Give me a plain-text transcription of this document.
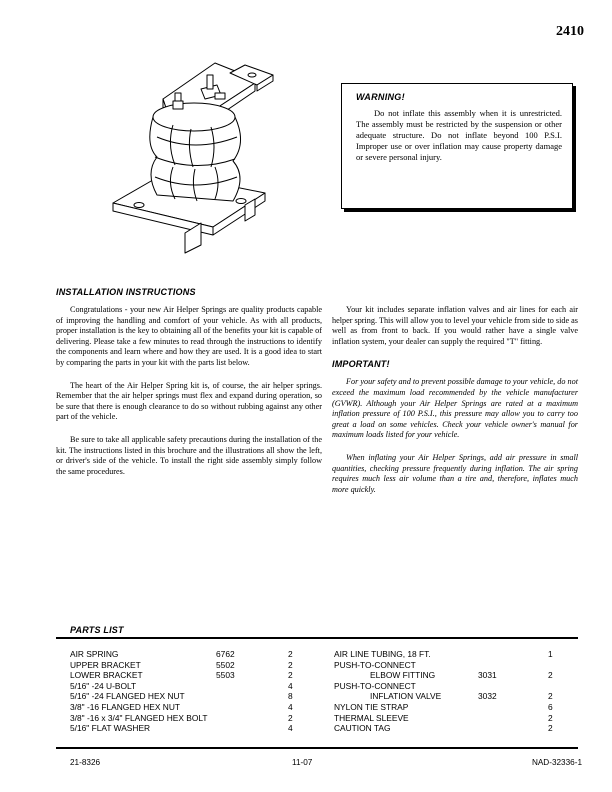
2410
WARNING!
Do not inflate this assembly when it is unrestricted. The assembly must be restricted by the suspension or other adequate structure. Do not inflate beyond 100 P.S.I. Improper use or over inflation may cause property damage or severe personal injury.
INSTALLATION INSTRUCTIONS

Congratulations - your new Air Helper Springs are quality products capable of improving the handling and comfort of your vehicle. As with all products, proper installation is the key to obtaining all of the benefits your kit is capable of delivering. Please take a few minutes to read through the instructions to identify the components and learn where and how they are used. It is a good idea to start by comparing the parts in your kit with the parts list below.

The heart of the Air Helper Spring kit is, of course, the air helper springs. Remember that the air helper springs must flex and expand during operation, so be sure that there is enough clearance to do so without rubbing against any other part of the vehicle.

Be sure to take all applicable safety precautions during the installation of the kit. The instructions listed in this brochure and the illustrations all show the left, or driver's side of the vehicle. To install the right side assembly simply follow the same procedures.

Your kit includes separate inflation valves and air lines for each air helper spring. This will allow you to level your vehicle from side to side as well as from front to back. If you would rather have a single valve inflation system, your dealer can supply the required "T" fitting.

IMPORTANT!

For your safety and to prevent possible damage to your vehicle, do not exceed the maximum load recommended by the vehicle manufacturer (GVWR). Although your Air Helper Springs are rated at a maximum inflation pressure of 100 P.S.I., this pressure may allow you to carry too great a load on some vehicles. Check your vehicle owner's manual for maximum loads listed for your vehicle.

When inflating your Air Helper Springs, add air pressure in small quantities, checking pressure frequently during inflation. The air spring requires much less air volume than a tire and, therefore, inflates much more quickly.

PARTS LIST
AIR SPRING	6762	2	AIR LINE TUBING, 18 FT.	1
UPPER BRACKET	5502	2	PUSH-TO-CONNECT
LOWER BRACKET	5503	2	ELBOW FITTING	3031	2
5/16" -24 U-BOLT	4	PUSH-TO-CONNECT
5/16" -24 FLANGED HEX NUT	8	INFLATION VALVE	3032	2
3/8" -16 FLANGED HEX NUT	4	NYLON TIE STRAP	6
3/8" -16 x 3/4" FLANGED HEX BOLT	2	THERMAL SLEEVE	2
5/16" FLAT WASHER	4	CAUTION TAG	2
21-8326	11-07	NAD-32336-1
